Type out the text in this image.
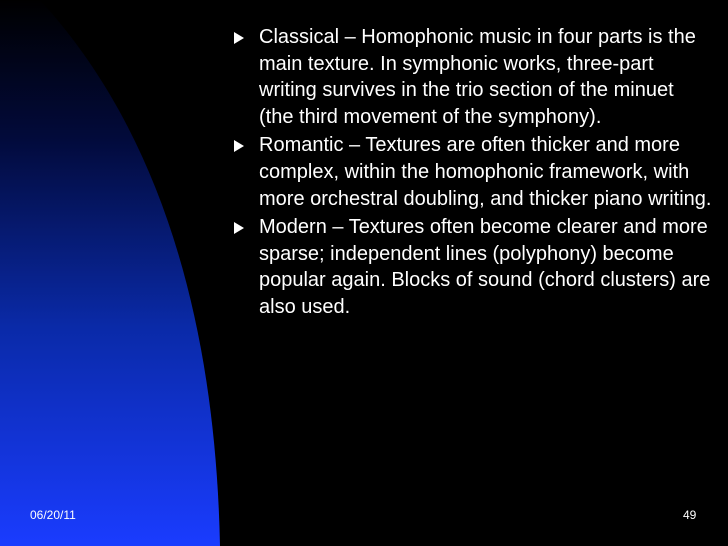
Classical – Homophonic music in four parts is the main texture. In symphonic works, three-part writing survives in the trio section of the minuet (the third movement of the symphony).
Romantic – Textures are often thicker and more complex, within the homophonic framework, with more orchestral doubling, and thicker piano writing.
Modern – Textures often become clearer and more sparse; independent lines (polyphony) become popular again. Blocks of sound (chord clusters) are also used.
06/20/11	49
